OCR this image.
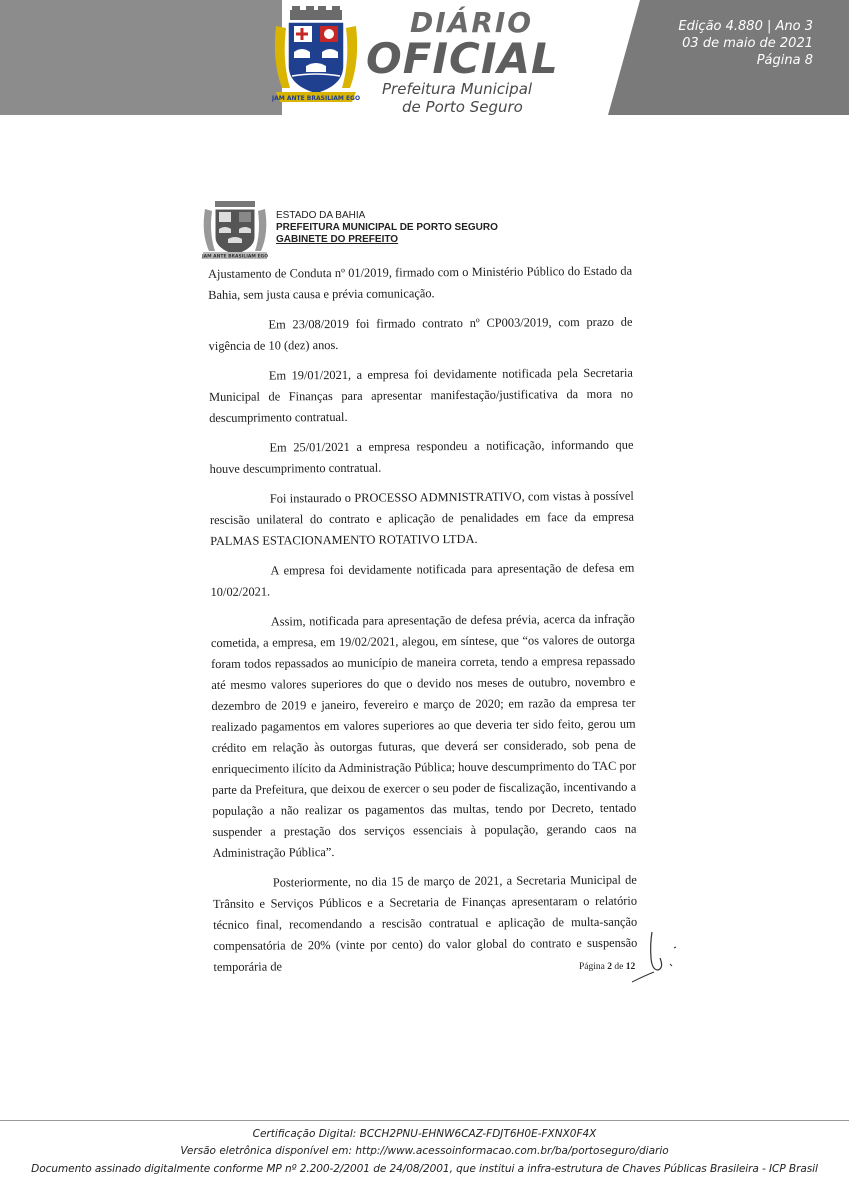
JAM ANTE BRASILIAM EGO
DIÁRIO
OFICIAL
Prefeitura Municipal
de Porto Seguro
Edição 4.880 | Ano 3
03 de maio de 2021
Página 8
JAM ANTE BRASILIAM EGO
ESTADO DA BAHIA
PREFEITURA MUNICIPAL DE PORTO SEGURO
GABINETE DO PREFEITO

Ajustamento de Conduta nº 01/2019, firmado com o Ministério Público do Estado da Bahia, sem justa causa e prévia comunicação.

Em 23/08/2019 foi firmado contrato nº CP003/2019, com prazo de vigência de 10 (dez) anos.

Em 19/01/2021, a empresa foi devidamente notificada pela Secretaria Municipal de Finanças para apresentar manifestação/justificativa da mora no descumprimento contratual.

Em 25/01/2021 a empresa respondeu a notificação, informando que houve descumprimento contratual.

Foi instaurado o PROCESSO ADMNISTRATIVO, com vistas à possível rescisão unilateral do contrato e aplicação de penalidades em face da empresa PALMAS ESTACIONAMENTO ROTATIVO LTDA.

A empresa foi devidamente notificada para apresentação de defesa em 10/02/2021.

Assim, notificada para apresentação de defesa prévia, acerca da infração cometida, a empresa, em 19/02/2021, alegou, em síntese, que “os valores de outorga foram todos repassados ao município de maneira correta, tendo a empresa repassado até mesmo valores superiores do que o devido nos meses de outubro, novembro e dezembro de 2019 e janeiro, fevereiro e março de 2020; em razão da empresa ter realizado pagamentos em valores superiores ao que deveria ter sido feito, gerou um crédito em relação às outorgas futuras, que deverá ser considerado, sob pena de enriquecimento ilícito da Administração Pública; houve descumprimento do TAC por parte da Prefeitura, que deixou de exercer o seu poder de fiscalização, incentivando a população a não realizar os pagamentos das multas, tendo por Decreto, tentado suspender a prestação dos serviços essenciais à população, gerando caos na Administração Pública”.

Posteriormente, no dia 15 de março de 2021, a Secretaria Municipal de Trânsito e Serviços Públicos e a Secretaria de Finanças apresentaram o relatório técnico final, recomendando a rescisão contratual e aplicação de multa-sanção compensatória de 20% (vinte por cento) do valor global do contrato e suspensão temporária de	Página 2 de 12
Certificação Digital: BCCH2PNU-EHNW6CAZ-FDJT6H0E-FXNX0F4X
Versão eletrônica disponível em: http://www.acessoinformacao.com.br/ba/portoseguro/diario
Documento assinado digitalmente conforme MP nº 2.200-2/2001 de 24/08/2001, que institui a infra-estrutura de Chaves Públicas Brasileira - ICP Brasil
